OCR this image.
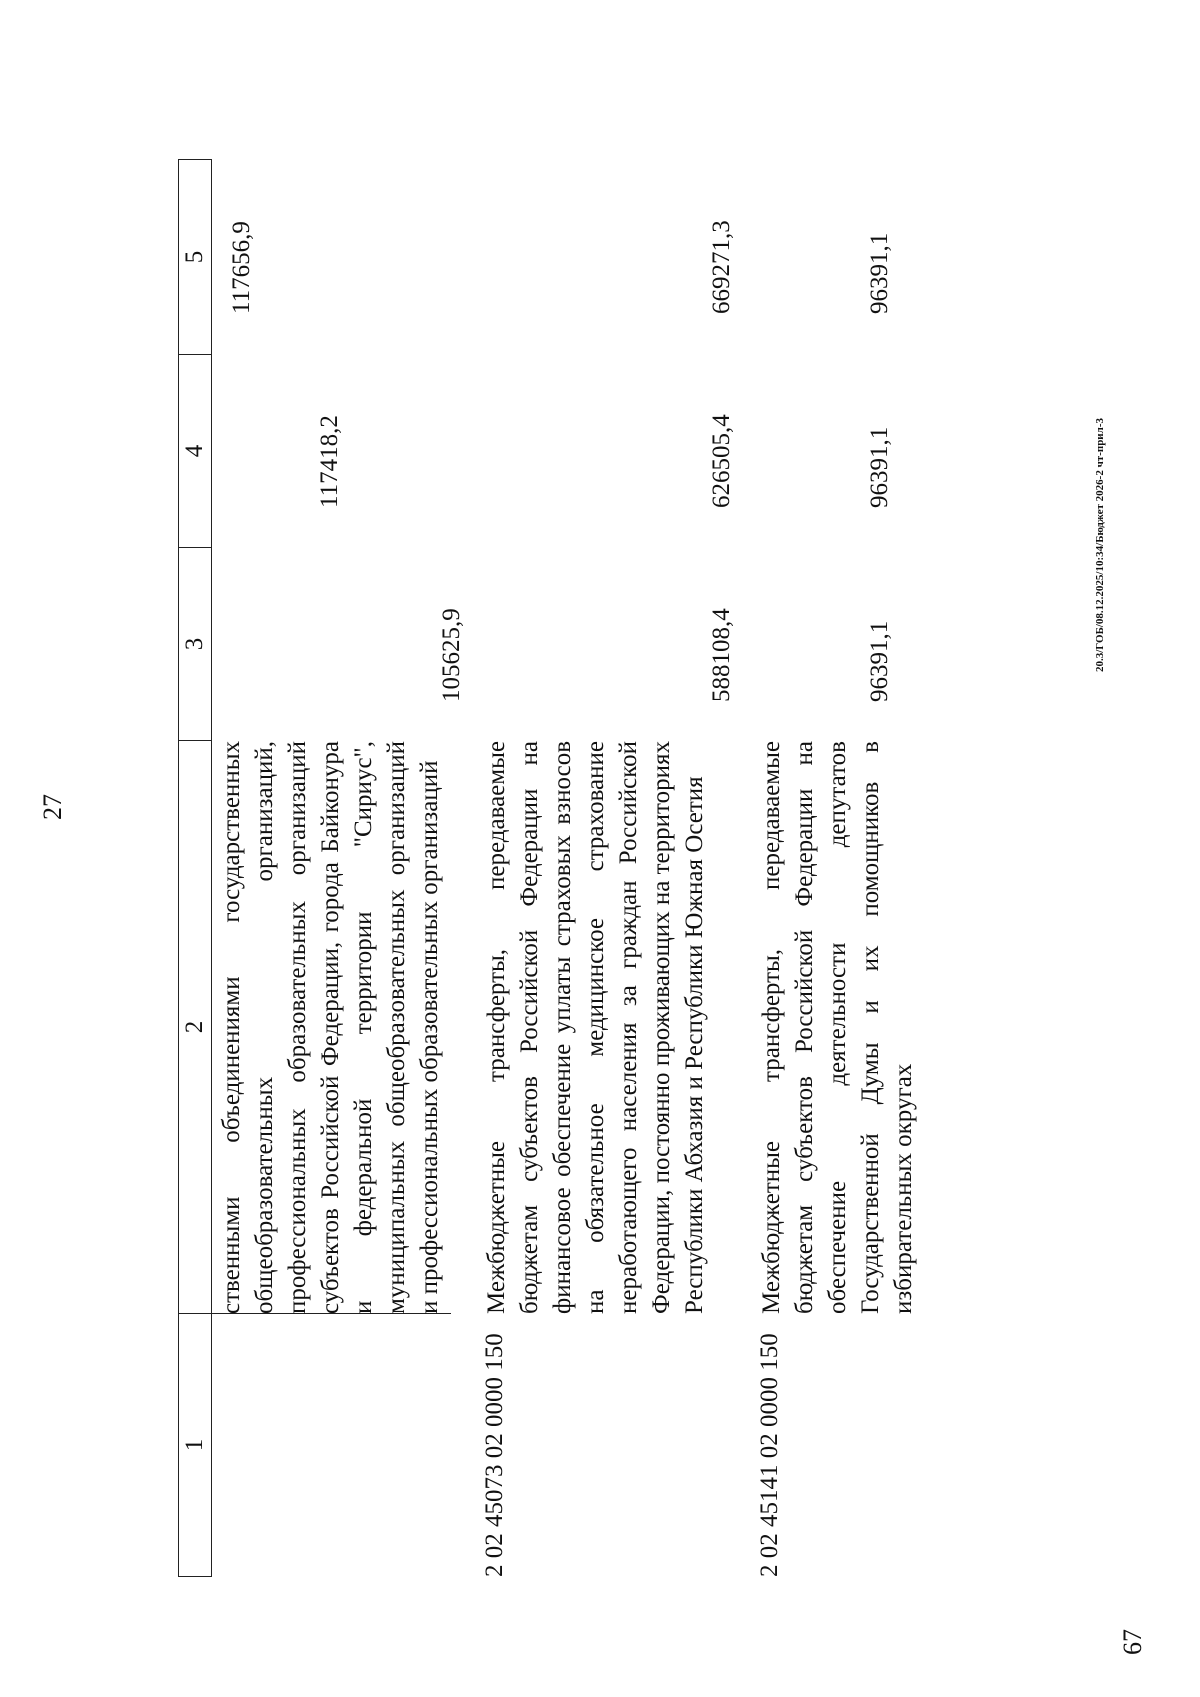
27
1
2
3
4
5
ственными объединениями государственных общеобразовательных организаций, профессиональных образовательных организаций субъектов Российской Федерации, города Байконура и федеральной территории "Сириус", муниципальных общеобразовательных организаций и профессиональных образовательных организаций
105625,9
117418,2
117656,9
2 02 45073 02 0000 150
Межбюджетные трансферты, передаваемые бюджетам субъектов Российской Федерации на финансовое обеспечение уплаты страховых взносов на обязательное медицинское страхование неработающего населения за граждан Российской Федерации, постоянно проживающих на территориях Республики Абхазия и Республики Южная Осетия
588108,4
626505,4
669271,3
2 02 45141 02 0000 150
Межбюджетные трансферты, передаваемые бюджетам субъектов Российской Федерации на обеспечение деятельности депутатов Государственной Думы и их помощников в избирательных округах
96391,1
96391,1
96391,1
20.3/ГОБ/08.12.2025/10:34/Бюджет 2026-2 чт-прил-3
67
